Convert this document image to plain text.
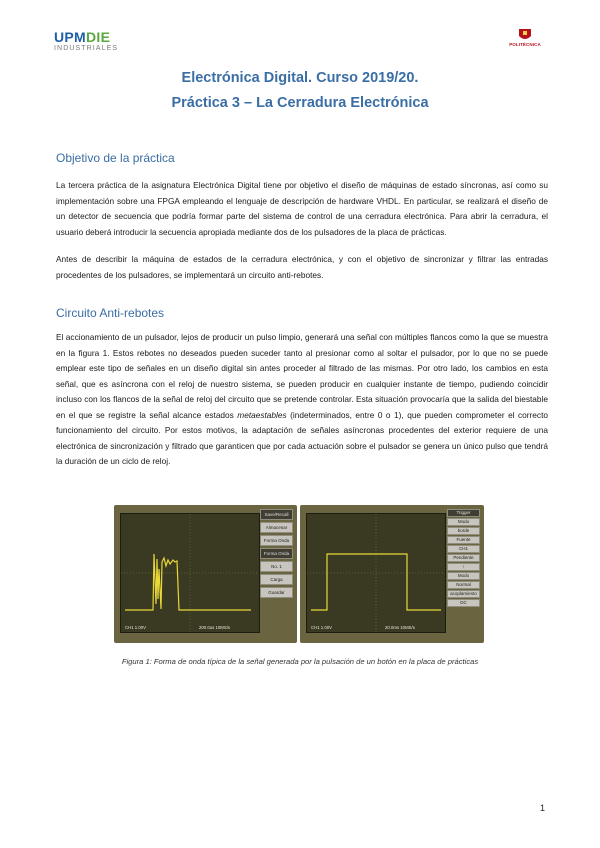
UPMDIE
INDUSTRIALES
POLITÉCNICA
Electrónica Digital. Curso 2019/20.
Práctica 3 – La Cerradura Electrónica
Objetivo de la práctica

La tercera práctica de la asignatura Electrónica Digital tiene por objetivo el diseño de máquinas de estado síncronas, así como su implementación sobre una FPGA empleando el lenguaje de descripción de hardware VHDL. En particular, se realizará el diseño de un detector de secuencia que podría formar parte del sistema de control de una cerradura electrónica. Para abrir la cerradura, el usuario deberá introducir la secuencia apropiada mediante dos de los pulsadores de la placa de prácticas.

Antes de describir la máquina de estados de la cerradura electrónica, y con el objetivo de sincronizar y filtrar las entradas procedentes de los pulsadores, se implementará un circuito anti-rebotes.

Circuito Anti-rebotes

El accionamiento de un pulsador, lejos de producir un pulso limpio, generará una señal con múltiples flancos como la que se muestra en la figura 1. Estos rebotes no deseados pueden suceder tanto al presionar como al soltar el pulsador, por lo que no se puede emplear este tipo de señales en un diseño digital sin antes proceder al filtrado de las mismas. Por otro lado, los cambios en esta señal, que es asíncrona con el reloj de nuestro sistema, se pueden producir en cualquier instante de tiempo, pudiendo coincidir incluso con los flancos de la señal de reloj del circuito que se pretende controlar. Esta situación provocaría que la salida del biestable en el que se registre la señal alcance estados metaestables (indeterminados, entre 0 o 1), que pueden comprometer el correcto funcionamiento del circuito. Por estos motivos, la adaptación de señales asíncronas procedentes del exterior requiere de una electrónica de sincronización y filtrado que garanticen que por cada actuación sobre el pulsador se genera un único pulso que tendrá la duración de un ciclo de reloj.

CH1 1.00V	200.0us 10MS/s
Save/Recall
Almacenar
Forma Onda
Forma Onda
No. 1
Carga
Guardar
CH1 1.00V	20.0ms 10MS/s
Trigger
Modo
borde
Fuente
CH1
Pendiente
↑
Modo
Normal
acoplamiento
DC
Figura 1: Forma de onda típica de la señal generada por la pulsación de un botón en la placa de prácticas
1
